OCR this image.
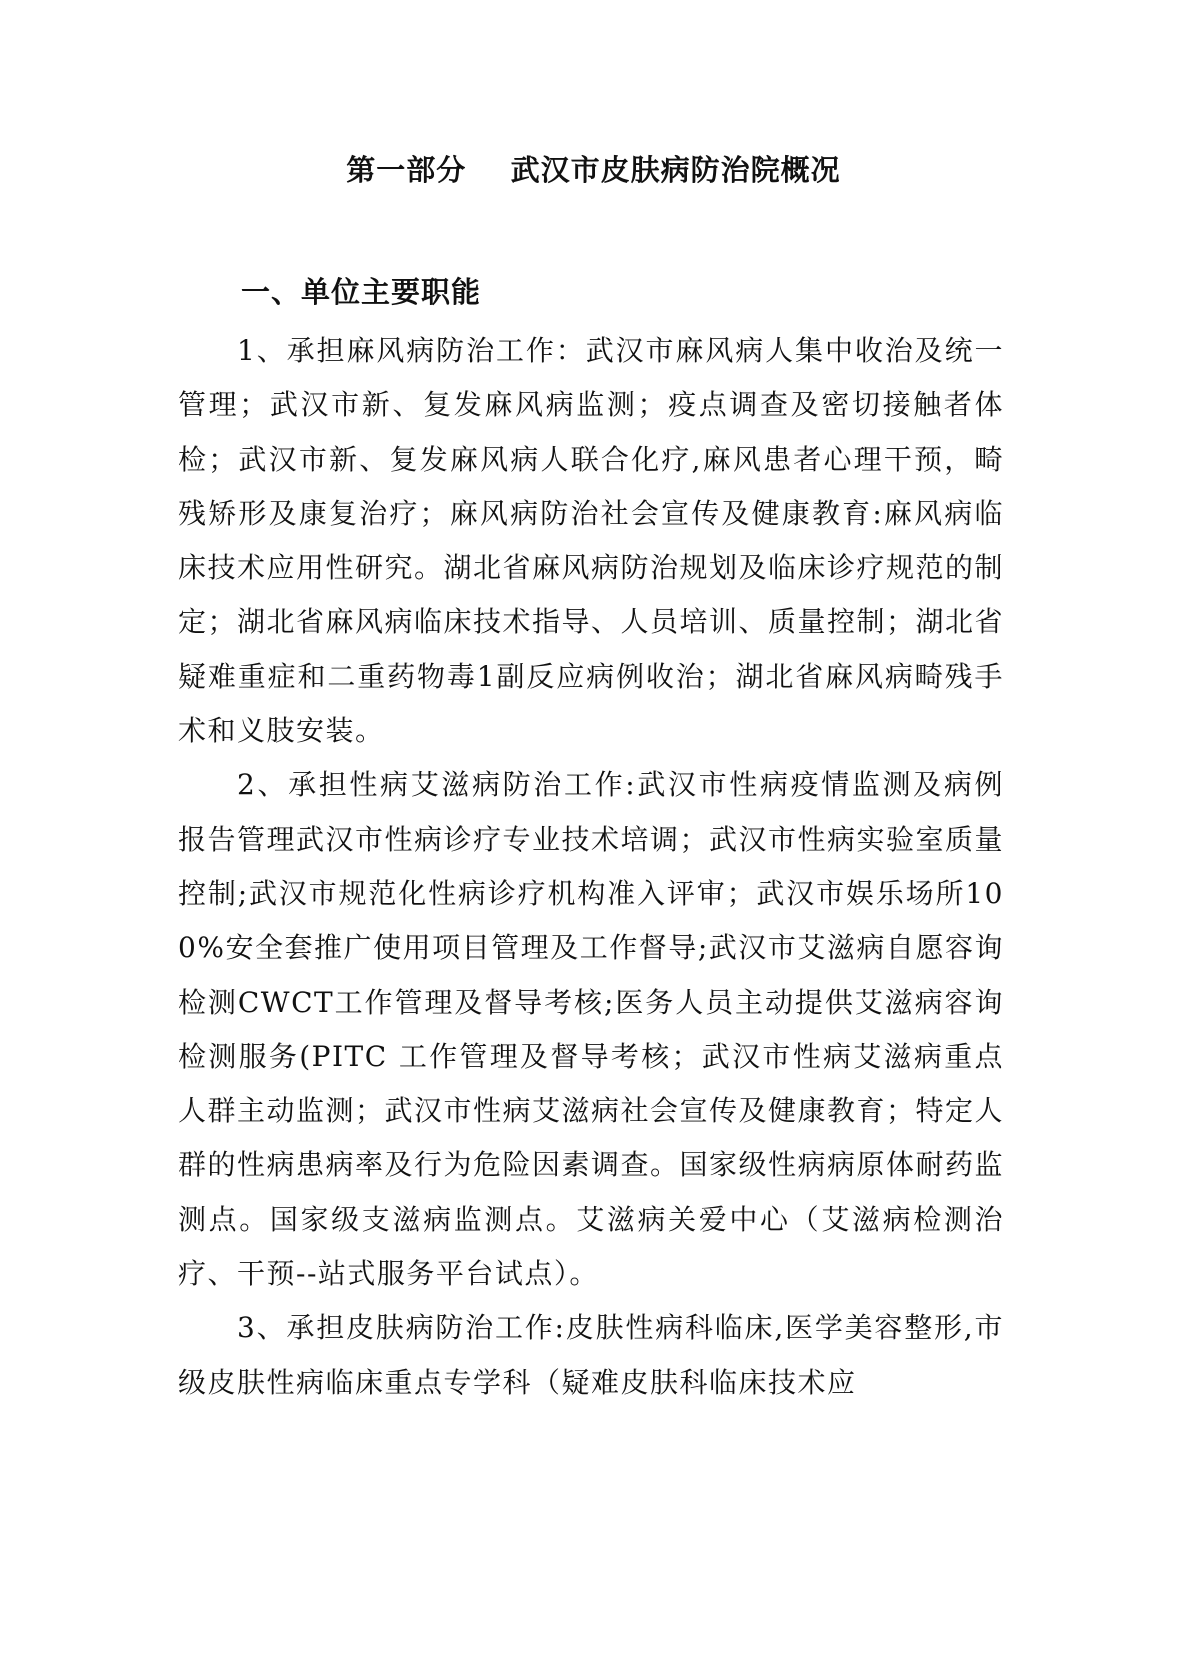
第一部分    武汉市皮肤病防治院概况
一、单位主要职能

1、承担麻风病防治工作：武汉市麻风病人集中收治及统一管理；武汉市新、复发麻风病监测；疫点调查及密切接触者体检；武汉市新、复发麻风病人联合化疗,麻风患者心理干预，畸残矫形及康复治疗；麻风病防治社会宣传及健康教育:麻风病临床技术应用性研究。湖北省麻风病防治规划及临床诊疗规范的制定；湖北省麻风病临床技术指导、人员培训、质量控制；湖北省疑难重症和二重药物毒1副反应病例收治；湖北省麻风病畸残手术和义肢安装。

2、承担性病艾滋病防治工作:武汉市性病疫情监测及病例报告管理武汉市性病诊疗专业技术培调；武汉市性病实验室质量控制;武汉市规范化性病诊疗机构准入评审；武汉市娱乐场所100%安全套推广使用项目管理及工作督导;武汉市艾滋病自愿容询检测CWCT工作管理及督导考核;医务人员主动提供艾滋病容询检测服务(PITC 工作管理及督导考核；武汉市性病艾滋病重点人群主动监测；武汉市性病艾滋病社会宣传及健康教育；特定人群的性病患病率及行为危险因素调查。国家级性病病原体耐药监测点。国家级支滋病监测点。艾滋病关爱中心（艾滋病检测治疗、干预--站式服务平台试点）。

3、承担皮肤病防治工作:皮肤性病科临床,医学美容整形,市级皮肤性病临床重点专学科（疑难皮肤科临床技术应
